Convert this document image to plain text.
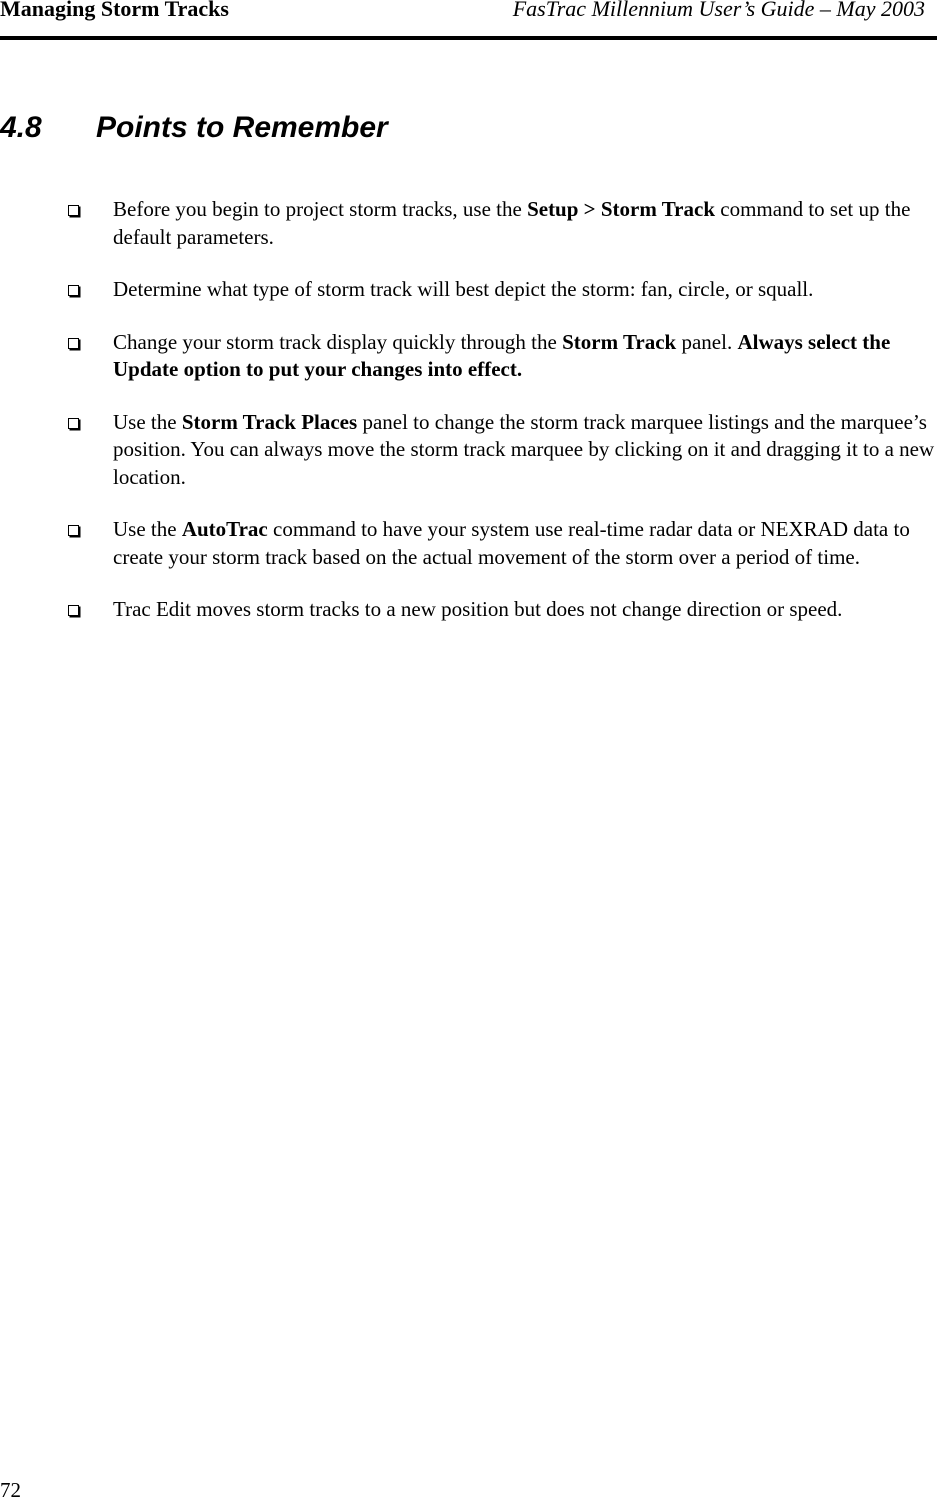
Managing Storm Tracks	FasTrac Millennium User’s Guide – May 2003
4.8 Points to Remember
Before you begin to project storm tracks, use the Setup > Storm Track command to set up the default parameters.
Determine what type of storm track will best depict the storm: fan, circle, or squall.
Change your storm track display quickly through the Storm Track panel. Always select the Update option to put your changes into effect.
Use the Storm Track Places panel to change the storm track marquee listings and the marquee’s position. You can always move the storm track marquee by clicking on it and dragging it to a new location.
Use the AutoTrac command to have your system use real-time radar data or NEXRAD data to create your storm track based on the actual movement of the storm over a period of time.
Trac Edit moves storm tracks to a new position but does not change direction or speed.
72
